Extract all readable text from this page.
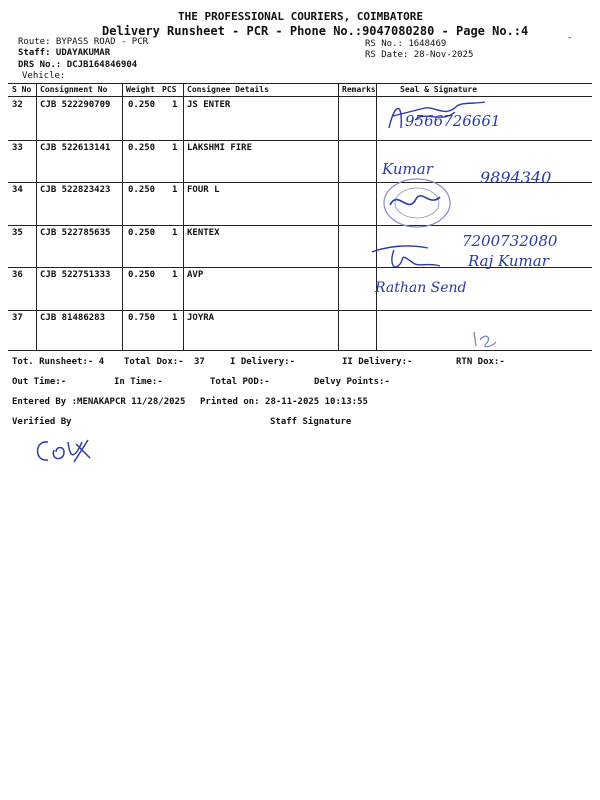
THE PROFESSIONAL COURIERS, COIMBATORE
Delivery Runsheet - PCR - Phone No.:9047080280 - Page No.:4
Route: BYPASS ROAD - PCR
Staff: UDAYAKUMAR
DRS No.: DCJB164846904
Vehicle:
RS No.: 1648469
RS Date: 28-Nov-2025
-
S No Consignment No Weight PCS Consignee Details	Remarks	Seal & Signature
32 CJB 522290709 0.250 1 JS ENTER
33 CJB 522613141 0.250 1 LAKSHMI FIRE
34 CJB 522823423 0.250 1 FOUR L
35 CJB 522785635 0.250 1 KENTEX
36 CJB 522751333 0.250 1 AVP
37 CJB 81486283	0.750 1 JOYRA
9566726661
Kumar	9894340
7200732080
Raj Kumar
Rathan Send
Tot. Runsheet:- 4 Total Dox:- 37	I Delivery:-	II Delivery:-	RTN Dox:-
Out Time:-	In Time:-	Total POD:-	Delvy Points:-
Entered By :MENAKAPCR 11/28/2025 Printed on: 28-11-2025 10:13:55
Verified By	Staff Signature
